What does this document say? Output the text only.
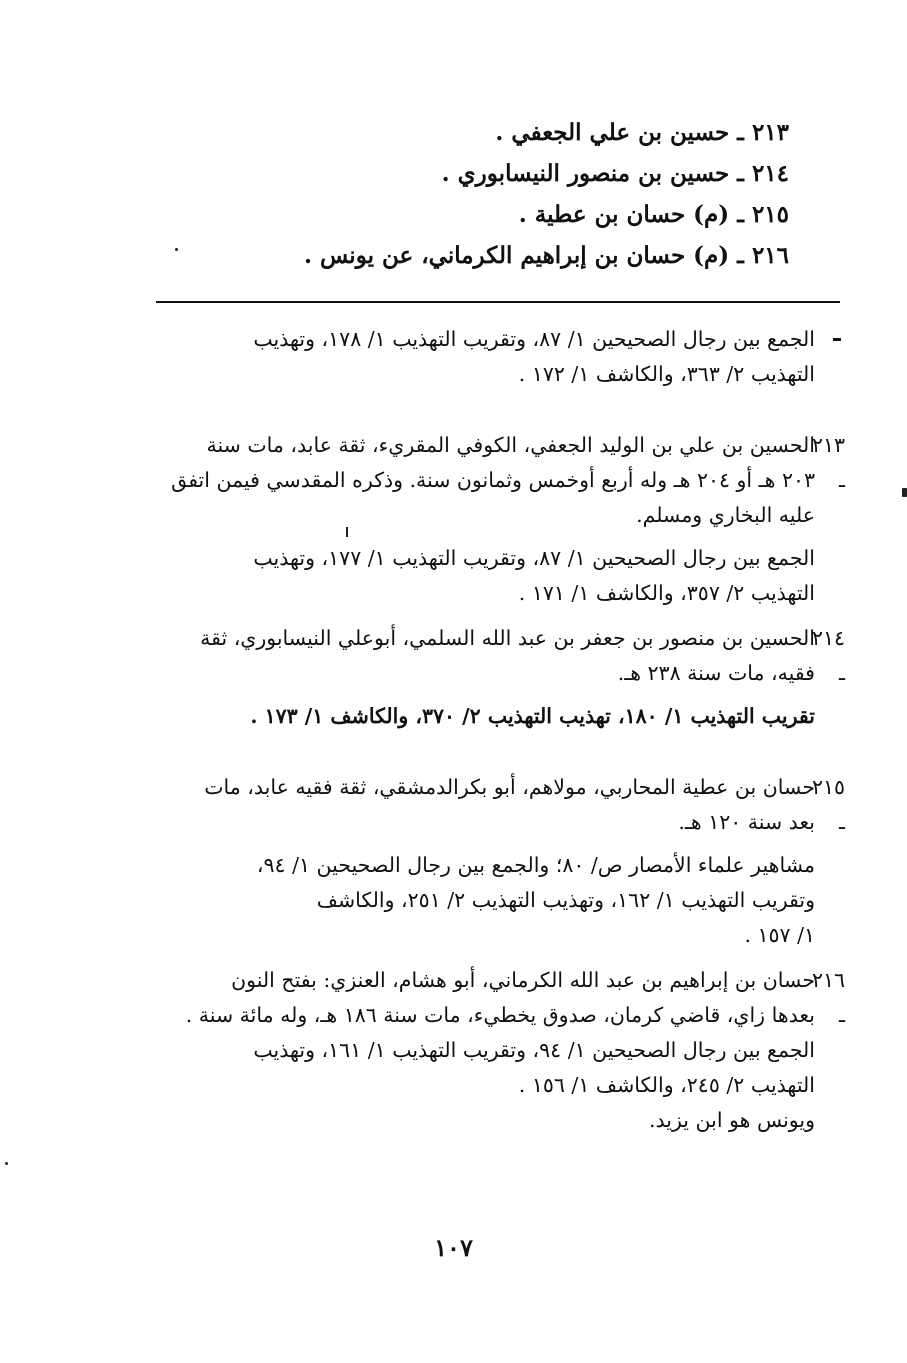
٢١٣ ـ حسين بن علي الجعفي .
٢١٤ ـ حسين بن منصور النيسابوري .
٢١٥ ـ (م) حسان بن عطية .
٢١٦ ـ (م) حسان بن إبراهيم الكرماني، عن يونس .
الجمع بين رجال الصحيحين ١/ ٨٧، وتقريب التهذيب ١/ ١٧٨، وتهذيب
التهذيب ٢/ ٣٦٣، والكاشف ١/ ١٧٢ .
٢١٣ ـ
الحسين بن علي بن الوليد الجعفي، الكوفي المقريء، ثقة عابد، مات سنة
٢٠٣ هـ أو ٢٠٤ هـ وله أربع أوخمس وثمانون سنة. وذكره المقدسي فيمن اتفق
عليه البخاري ومسلم.
الجمع بين رجال الصحيحين ١/ ٨٧، وتقريب التهذيب ١/ ١٧٧، وتهذيب
التهذيب ٢/ ٣٥٧، والكاشف ١/ ١٧١ .
٢١٤ ـ
الحسين بن منصور بن جعفر بن عبد الله السلمي، أبوعلي النيسابوري، ثقة
فقيه، مات سنة ٢٣٨ هـ.
تقريب التهذيب ١/ ١٨٠، تهذيب التهذيب ٢/ ٣٧٠، والكاشف ١/ ١٧٣ .
٢١٥ ـ
حسان بن عطية المحاربي، مولاهم، أبو بكرالدمشقي، ثقة فقيه عابد، مات
بعد سنة ١٢٠ هـ.
مشاهير علماء الأمصار ص/ ٨٠؛ والجمع بين رجال الصحيحين ١/ ٩٤،
وتقريب التهذيب ١/ ١٦٢، وتهذيب التهذيب ٢/ ٢٥١، والكاشف
١/ ١٥٧ .
٢١٦ ـ
حسان بن إبراهيم بن عبد الله الكرماني، أبو هشام، العنزي: بفتح النون
بعدها زاي، قاضي كرمان، صدوق يخطيء، مات سنة ١٨٦ هـ، وله مائة سنة .
الجمع بين رجال الصحيحين ١/ ٩٤، وتقريب التهذيب ١/ ١٦١، وتهذيب
التهذيب ٢/ ٢٤٥، والكاشف ١/ ١٥٦ .
ويونس هو ابن يزيد.
١٠٧
